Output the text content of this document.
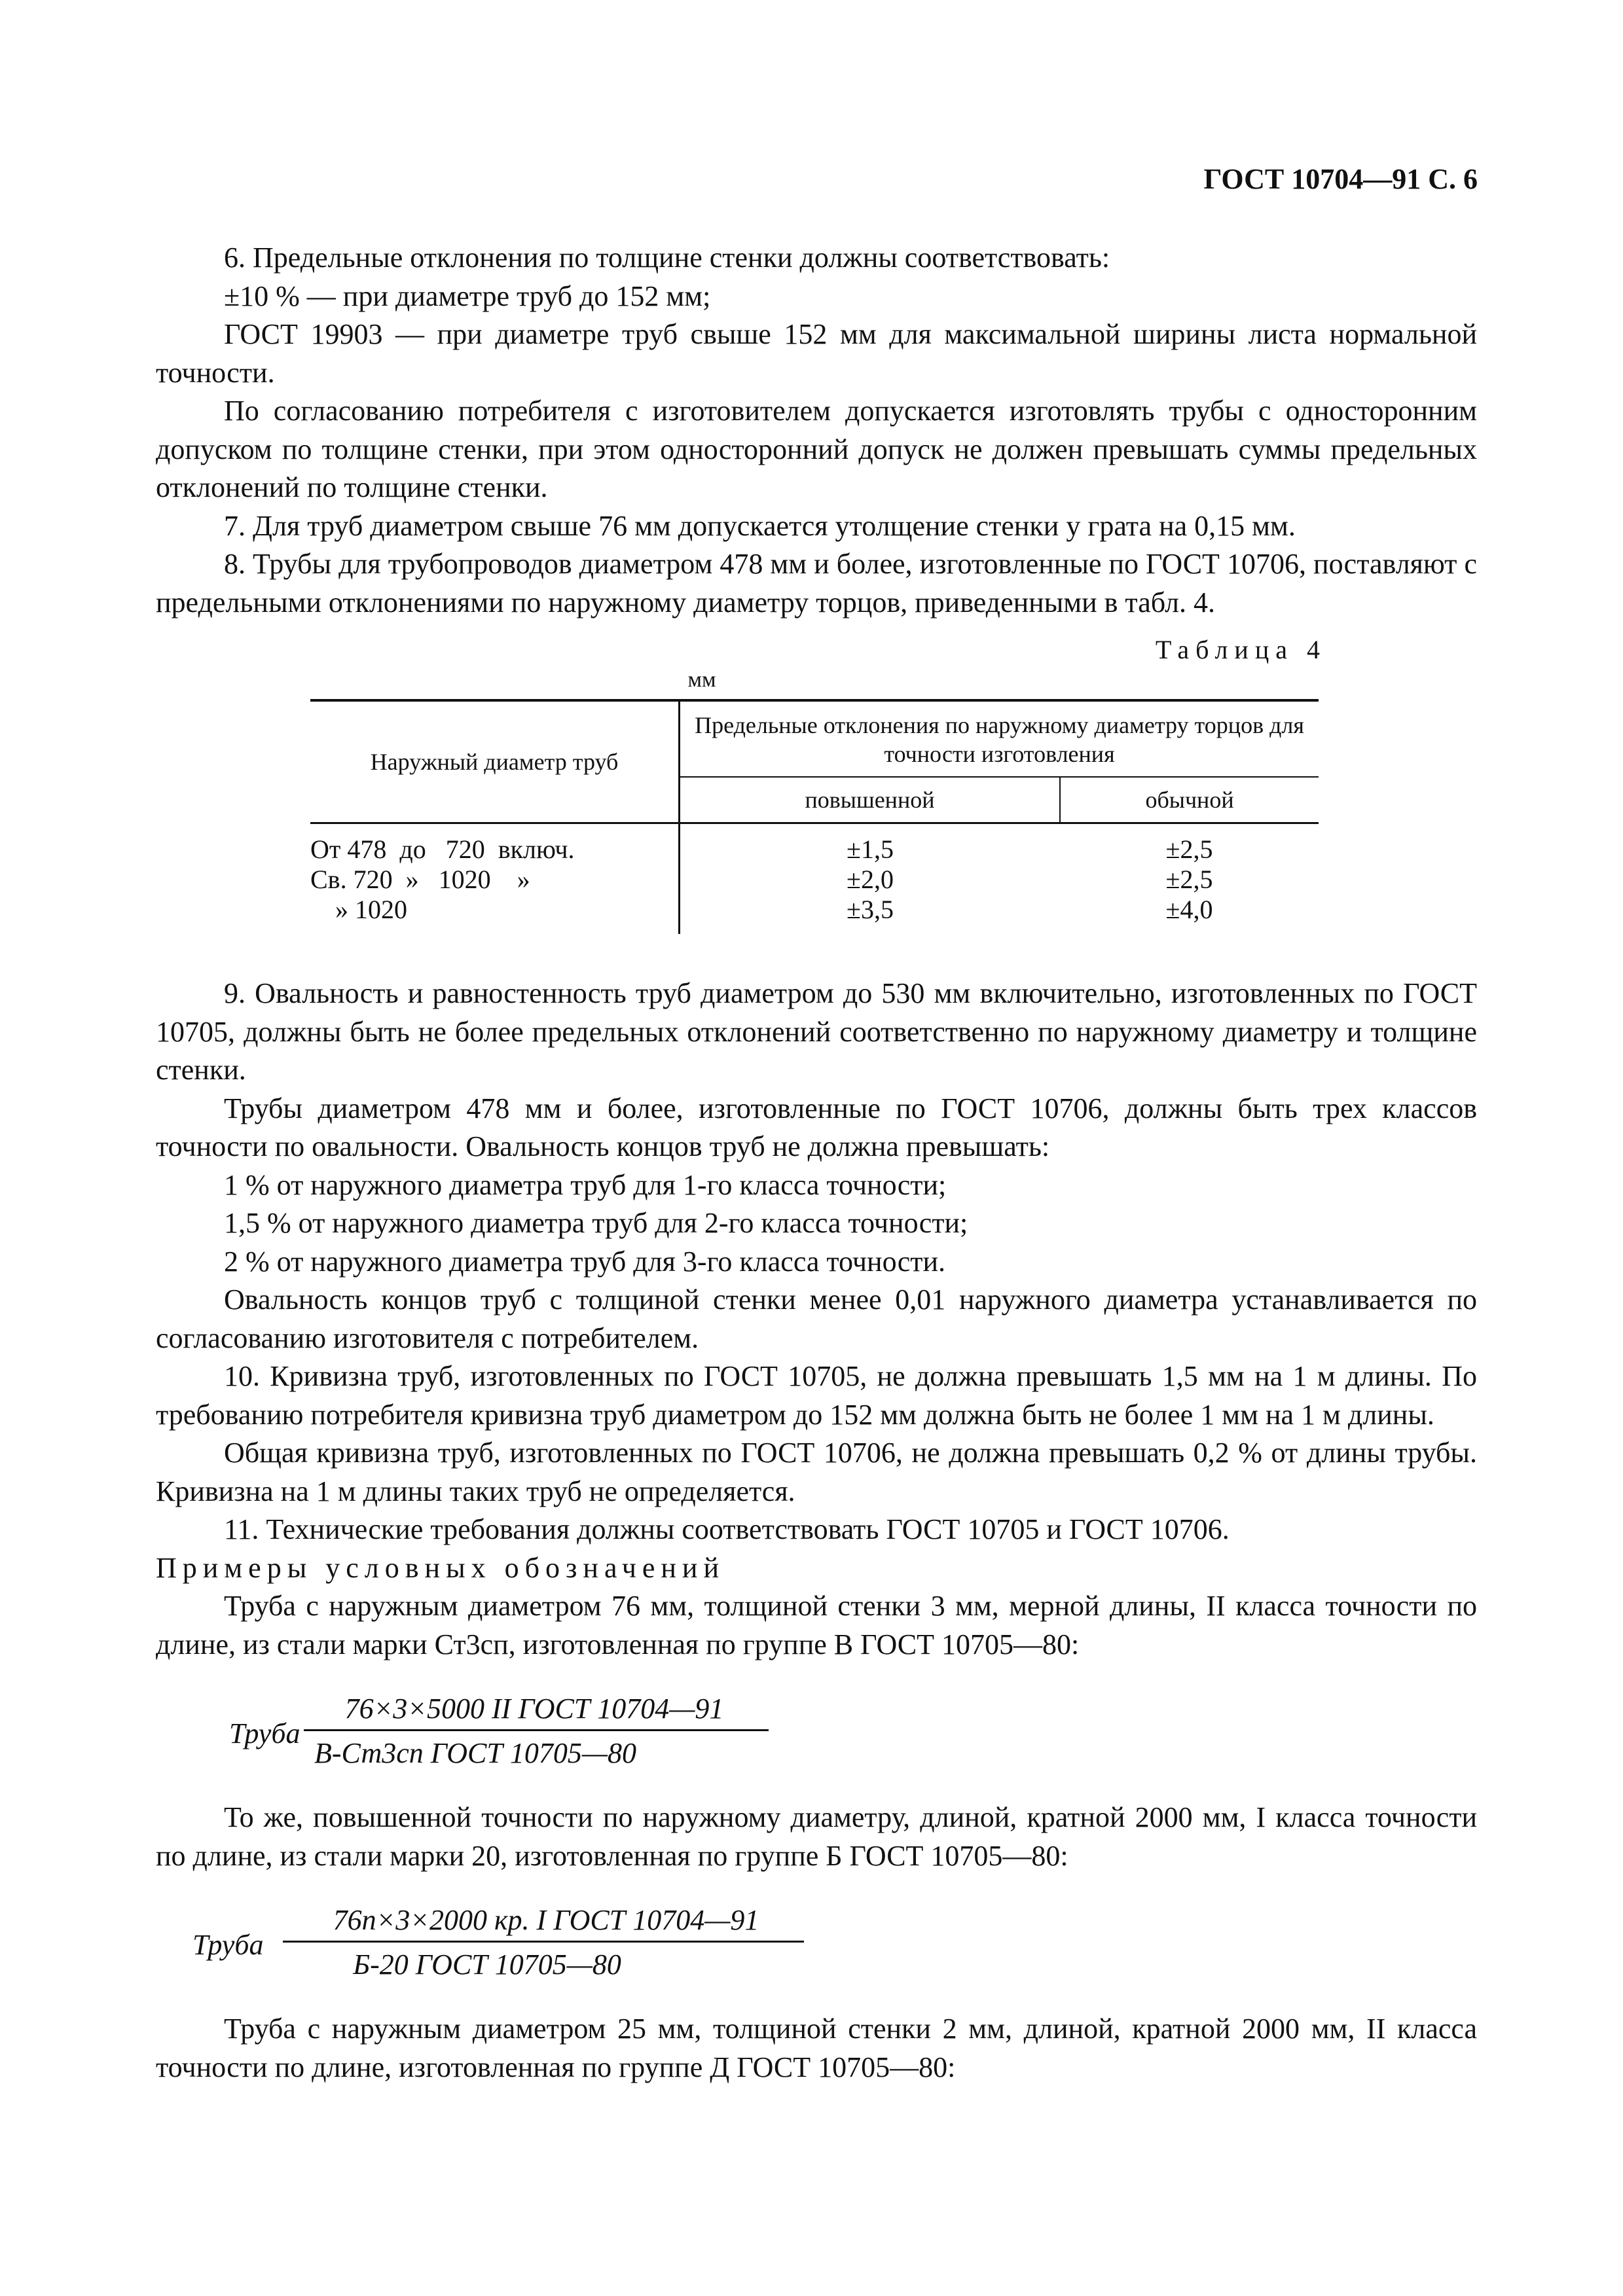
ГОСТ 10704—91 С. 6

6. Предельные отклонения по толщине стенки должны соответствовать:

±10 % — при диаметре труб до 152 мм;

ГОСТ 19903 — при диаметре труб свыше 152 мм для максимальной ширины листа нормальной точности.

По согласованию потребителя с изготовителем допускается изготовлять трубы с односторонним допуском по толщине стенки, при этом односторонний допуск не должен превышать суммы предельных отклонений по толщине стенки.

7. Для труб диаметром свыше 76 мм допускается утолщение стенки у грата на 0,15 мм.

8. Трубы для трубопроводов диаметром 478 мм и более, изготовленные по ГОСТ 10706, поставляют с предельными отклонениями по наружному диаметру торцов, приведенными в табл. 4.

Таблица 4
мм
Наружный диаметр труб	Предельные отклонения по наружному диаметру торцов для точности изготовления	
	повышенной	обычной
От 478  до   720  включ.	±1,5	±2,5
Св. 720  »   1020    »	±2,0	±2,5
» 1020	±3,5	±4,0

9. Овальность и равностенность труб диаметром до 530 мм включительно, изготовленных по ГОСТ 10705, должны быть не более предельных отклонений соответственно по наружному диаметру и толщине стенки.

Трубы диаметром 478 мм и более, изготовленные по ГОСТ 10706, должны быть трех классов точности по овальности. Овальность концов труб не должна превышать:

1 % от наружного диаметра труб для 1-го класса точности;

1,5 % от наружного диаметра труб для 2-го класса точности;

2 % от наружного диаметра труб для 3-го класса точности.

Овальность концов труб с толщиной стенки менее 0,01 наружного диаметра устанавливается по согласованию изготовителя с потребителем.

10. Кривизна труб, изготовленных по ГОСТ 10705, не должна превышать 1,5 мм на 1 м длины. По требованию потребителя кривизна труб диаметром до 152 мм должна быть не более 1 мм на 1 м длины.

Общая кривизна труб, изготовленных по ГОСТ 10706, не должна превышать 0,2 % от длины трубы. Кривизна на 1 м длины таких труб не определяется.

11. Технические требования должны соответствовать ГОСТ 10705 и ГОСТ 10706.

Примеры условных обозначений

Труба с наружным диаметром 76 мм, толщиной стенки 3 мм, мерной длины, II класса точности по длине, из стали марки Ст3сп, изготовленная по группе В ГОСТ 10705—80:

Труба
76×3×5000 II ГОСТ 10704—91
В-Ст3сп ГОСТ 10705—80

То же, повышенной точности по наружному диаметру, длиной, кратной 2000 мм, I класса точности по длине, из стали марки 20, изготовленная по группе Б ГОСТ 10705—80:

Труба
76п×3×2000 кр. I ГОСТ 10704—91
Б-20 ГОСТ 10705—80

Труба с наружным диаметром 25 мм, толщиной стенки 2 мм, длиной, кратной 2000 мм, II класса точности по длине, изготовленная по группе Д ГОСТ 10705—80:
